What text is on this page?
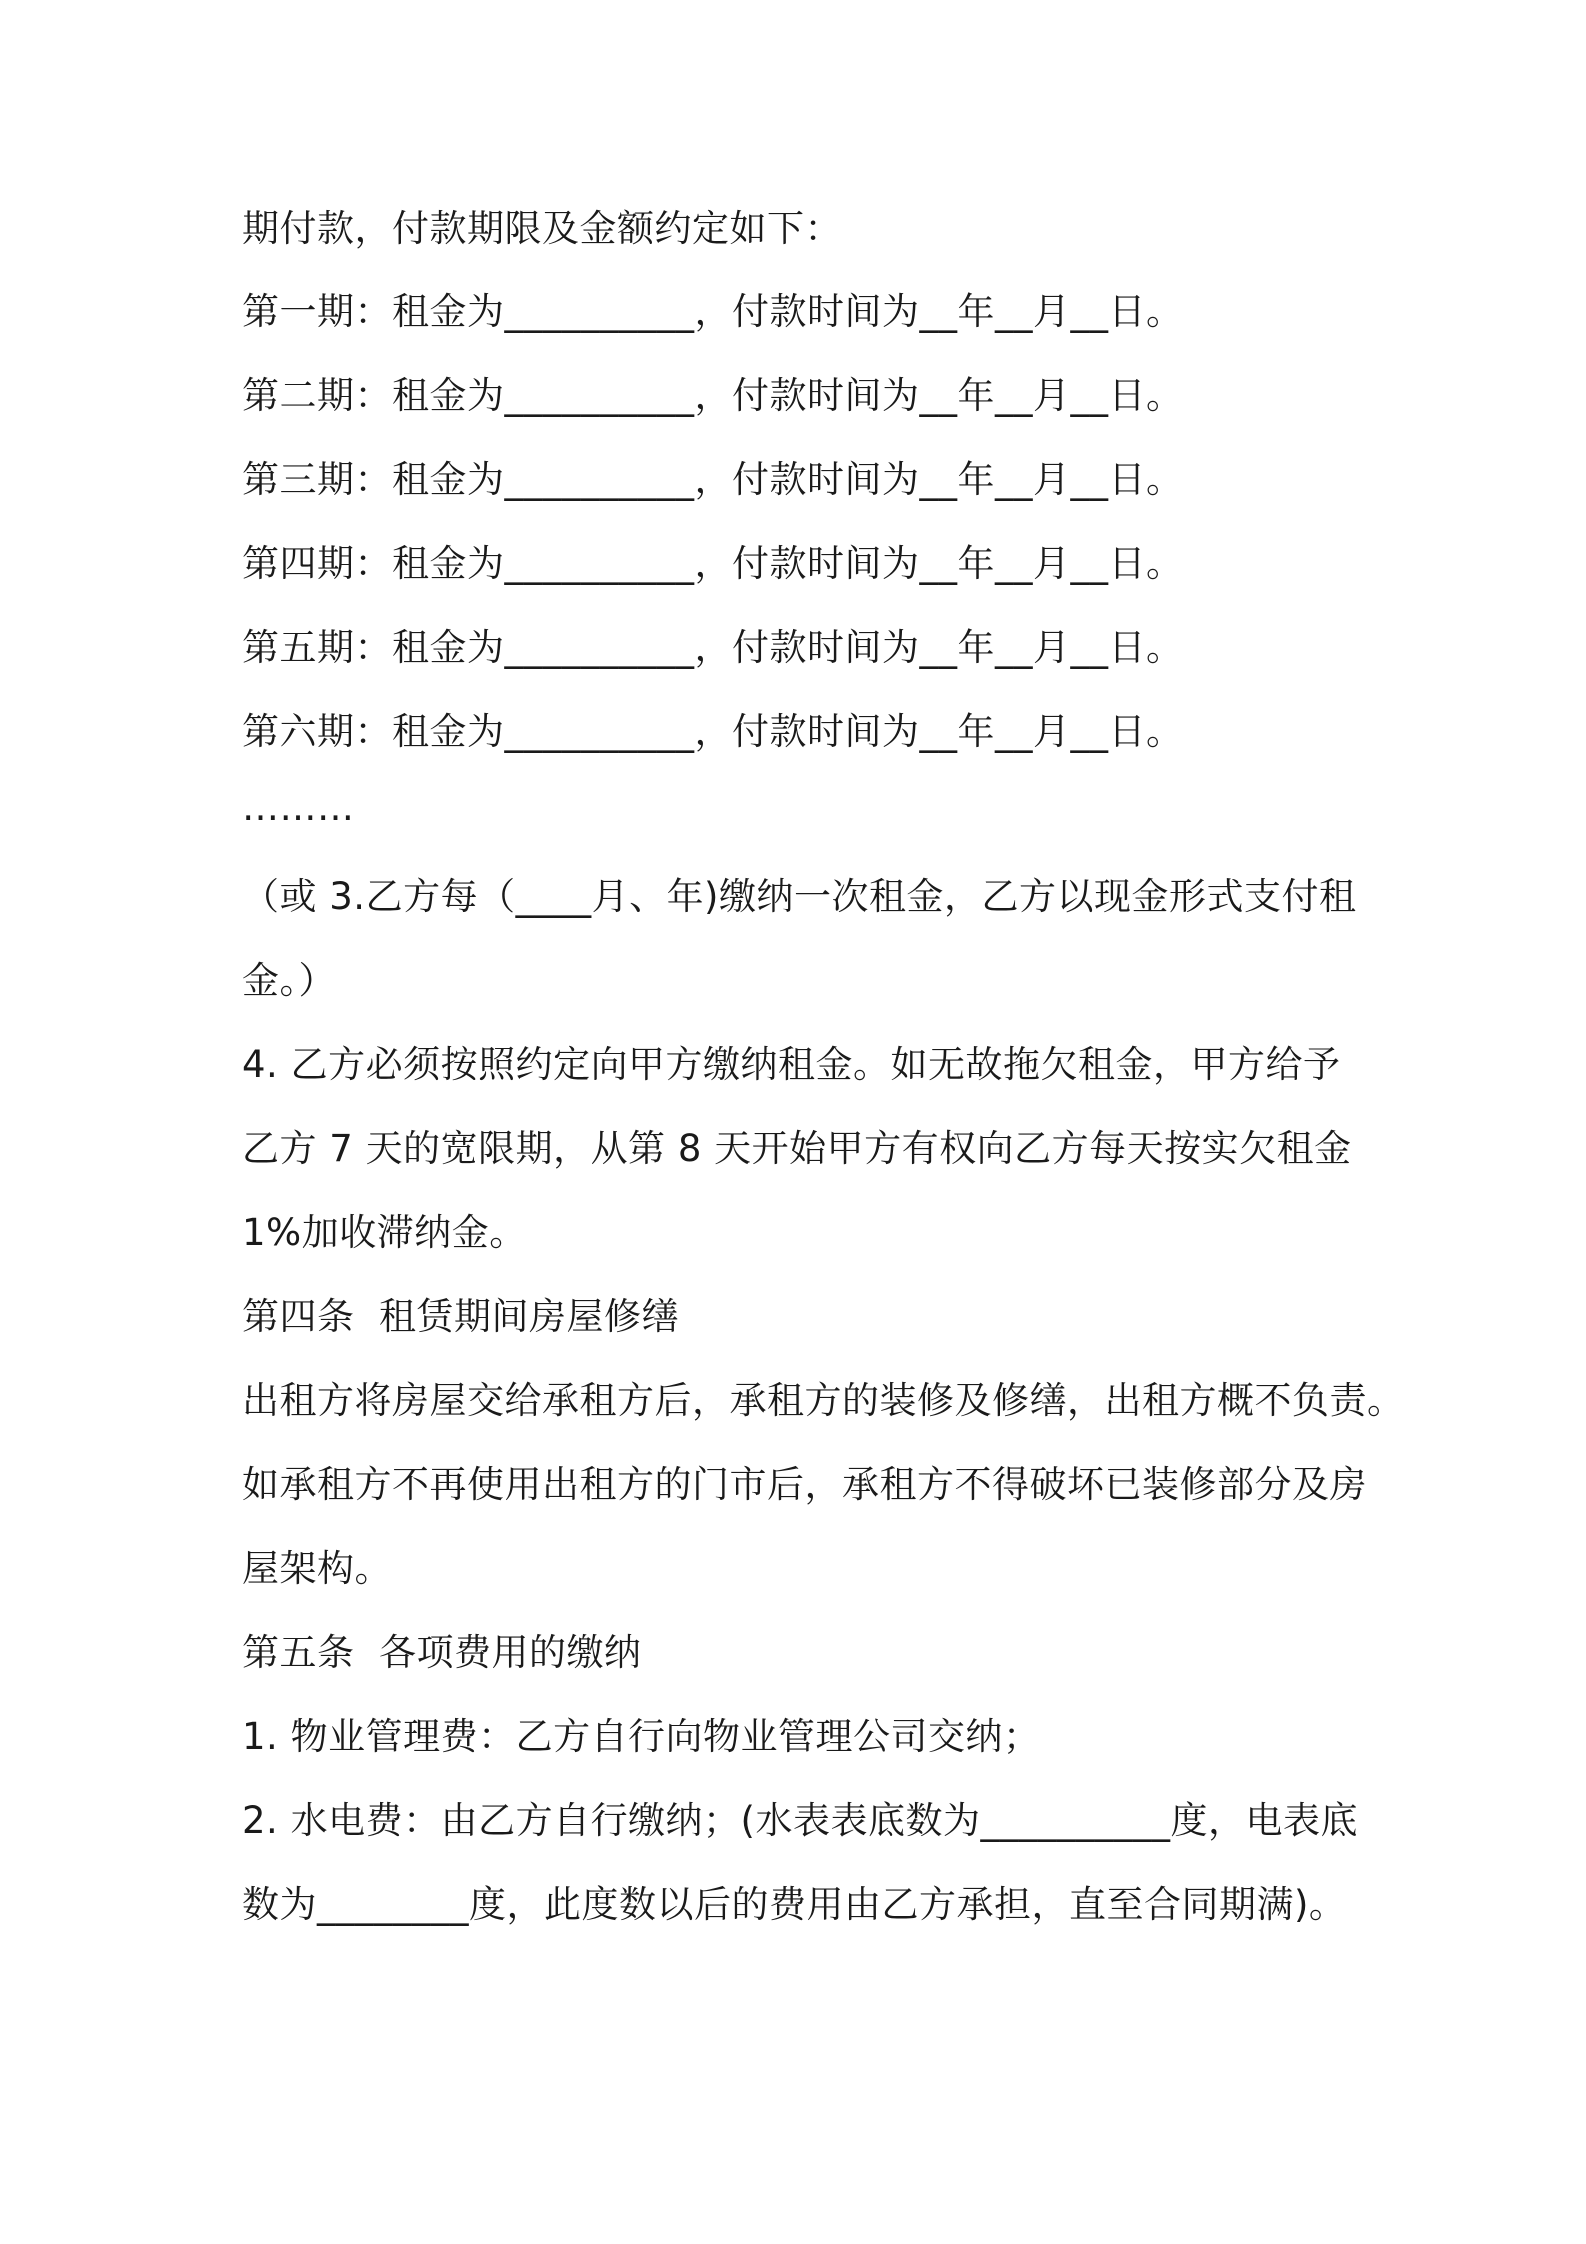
期付款，付款期限及金额约定如下：
第一期：租金为__________，付款时间为__年__月__日。
第二期：租金为__________，付款时间为__年__月__日。
第三期：租金为__________，付款时间为__年__月__日。
第四期：租金为__________，付款时间为__年__月__日。
第五期：租金为__________，付款时间为__年__月__日。
第六期：租金为__________，付款时间为__年__月__日。
………
（或 3.乙方每（____月、年)缴纳一次租金，乙方以现金形式支付租
金。）
4. 乙方必须按照约定向甲方缴纳租金。如无故拖欠租金，甲方给予
乙方 7 天的宽限期，从第 8 天开始甲方有权向乙方每天按实欠租金
1%加收滞纳金。
第四条  租赁期间房屋修缮
出租方将房屋交给承租方后，承租方的装修及修缮，出租方概不负责。
如承租方不再使用出租方的门市后，承租方不得破坏已装修部分及房
屋架构。
第五条  各项费用的缴纳
1. 物业管理费：乙方自行向物业管理公司交纳；
2. 水电费：由乙方自行缴纳；(水表表底数为__________度，电表底
数为________度，此度数以后的费用由乙方承担，直至合同期满)。
